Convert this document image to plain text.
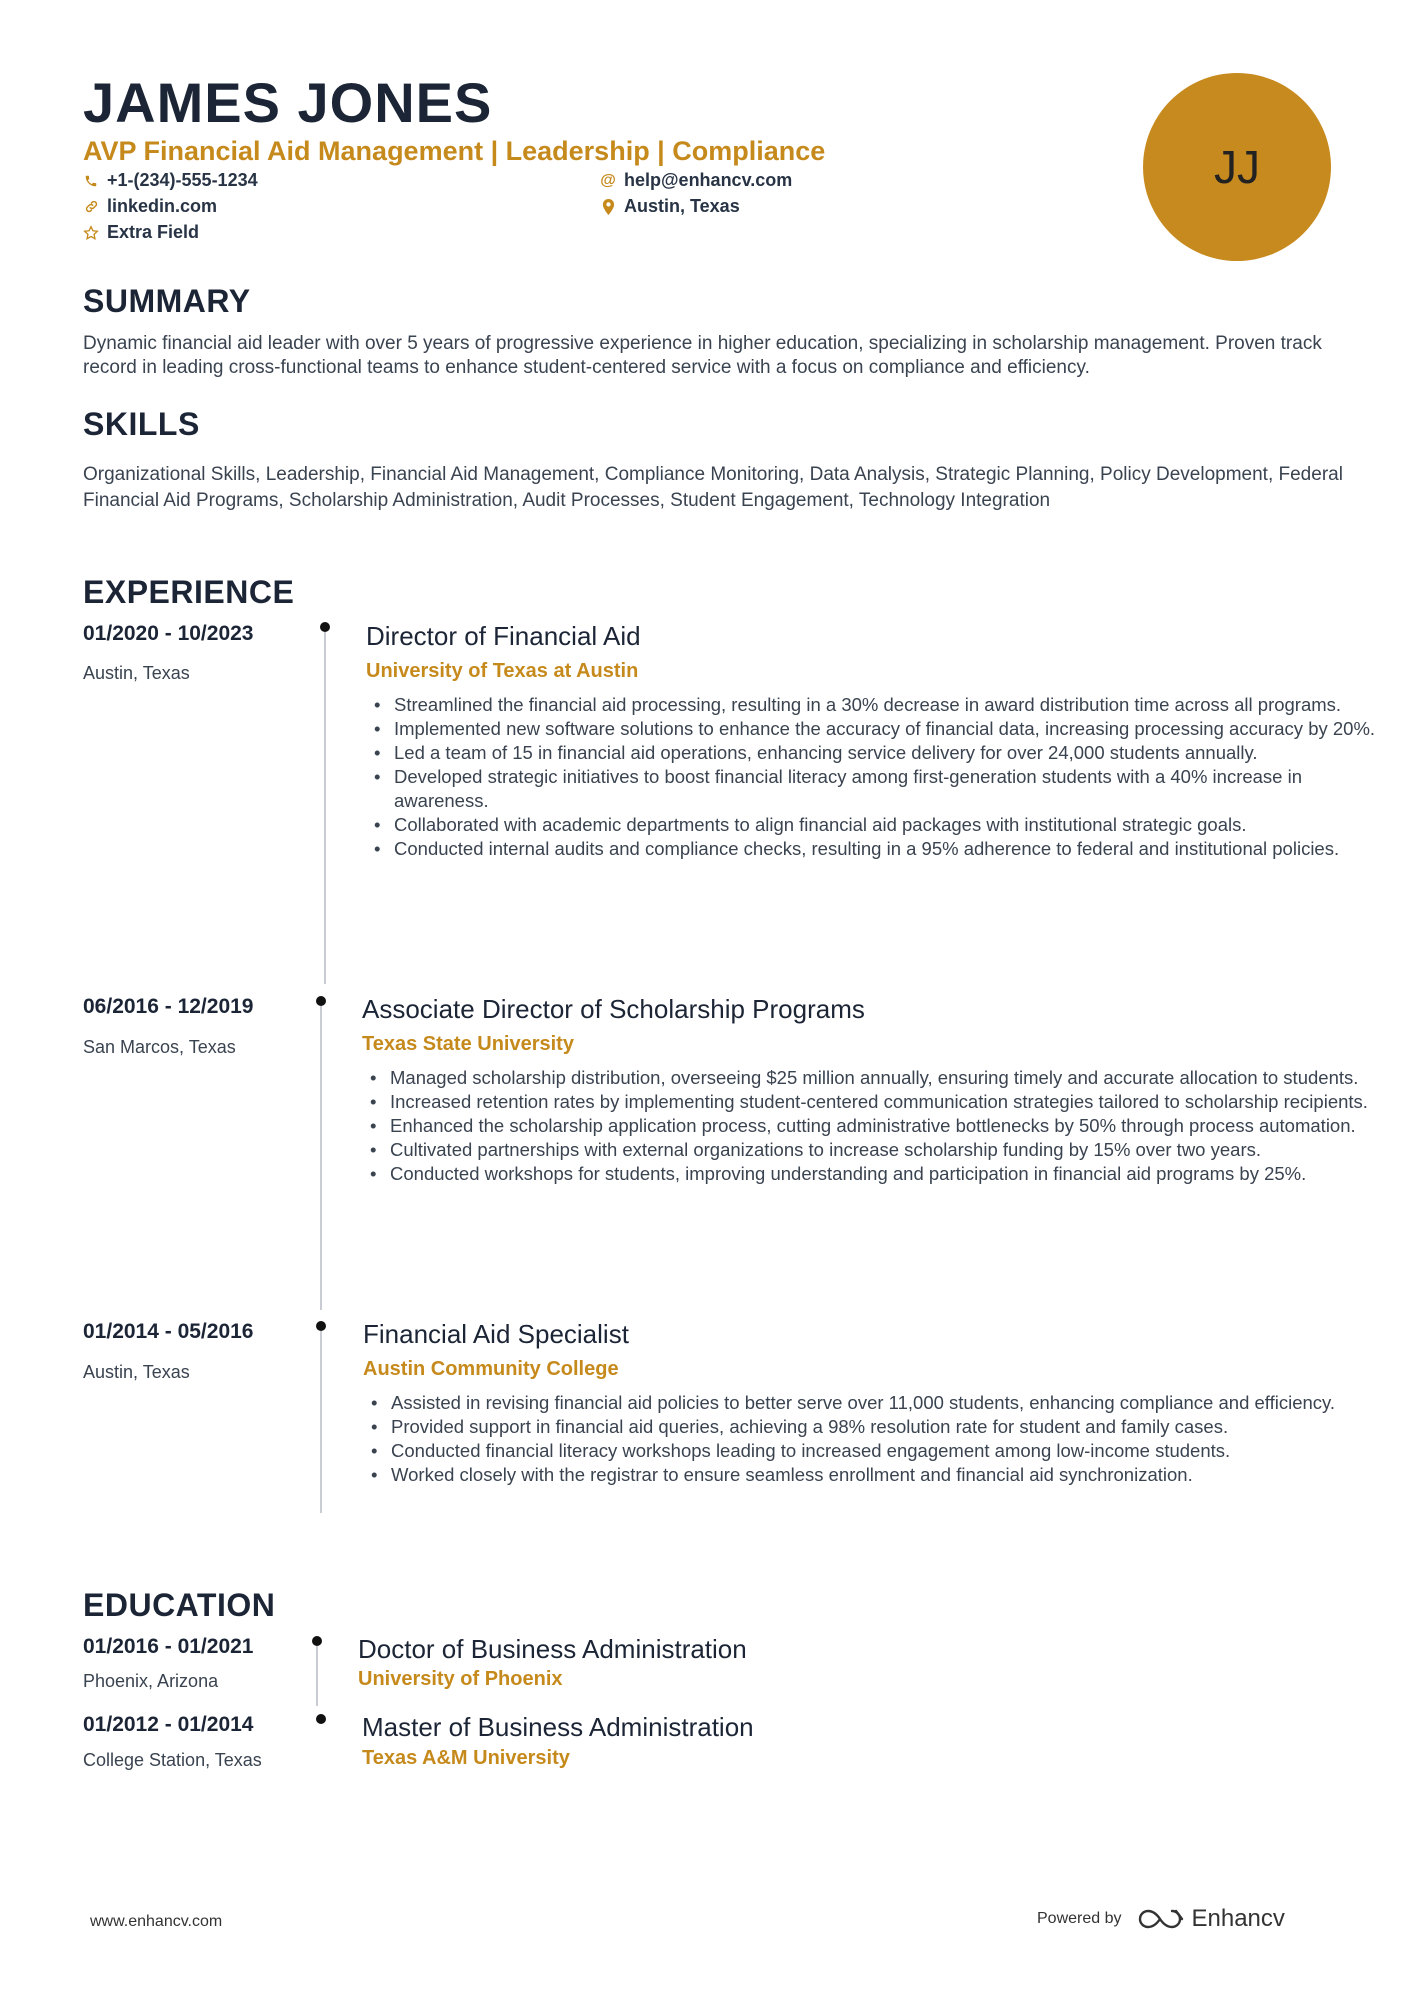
JAMES JONES
AVP Financial Aid Management | Leadership | Compliance
+1-(234)-555-1234	@ help@enhancv.com
linkedin.com	Austin, Texas
Extra Field
JJ
SUMMARY
Dynamic financial aid leader with over 5 years of progressive experience in higher education, specializing in scholarship management. Proven track record in leading cross-functional teams to enhance student-centered service with a focus on compliance and efficiency.
SKILLS
Organizational Skills, Leadership, Financial Aid Management, Compliance Monitoring, Data Analysis, Strategic Planning, Policy Development, Federal Financial Aid Programs, Scholarship Administration, Audit Processes, Student Engagement, Technology Integration
EXPERIENCE
01/2020 - 10/2023
Austin, Texas
Director of Financial Aid
University of Texas at Austin
• Streamlined the financial aid processing, resulting in a 30% decrease in award distribution time across all programs.
• Implemented new software solutions to enhance the accuracy of financial data, increasing processing accuracy by 20%.
• Led a team of 15 in financial aid operations, enhancing service delivery for over 24,000 students annually.
• Developed strategic initiatives to boost financial literacy among first-generation students with a 40% increase in awareness.
• Collaborated with academic departments to align financial aid packages with institutional strategic goals.
• Conducted internal audits and compliance checks, resulting in a 95% adherence to federal and institutional policies.
06/2016 - 12/2019
San Marcos, Texas
Associate Director of Scholarship Programs
Texas State University
• Managed scholarship distribution, overseeing $25 million annually, ensuring timely and accurate allocation to students.
• Increased retention rates by implementing student-centered communication strategies tailored to scholarship recipients.
• Enhanced the scholarship application process, cutting administrative bottlenecks by 50% through process automation.
• Cultivated partnerships with external organizations to increase scholarship funding by 15% over two years.
• Conducted workshops for students, improving understanding and participation in financial aid programs by 25%.
01/2014 - 05/2016
Austin, Texas
Financial Aid Specialist
Austin Community College
• Assisted in revising financial aid policies to better serve over 11,000 students, enhancing compliance and efficiency.
• Provided support in financial aid queries, achieving a 98% resolution rate for student and family cases.
• Conducted financial literacy workshops leading to increased engagement among low-income students.
• Worked closely with the registrar to ensure seamless enrollment and financial aid synchronization.
EDUCATION
01/2016 - 01/2021
Phoenix, Arizona
Doctor of Business Administration
University of Phoenix
01/2012 - 01/2014
College Station, Texas
Master of Business Administration
Texas A&M University
www.enhancv.com	Powered by	Enhancv
